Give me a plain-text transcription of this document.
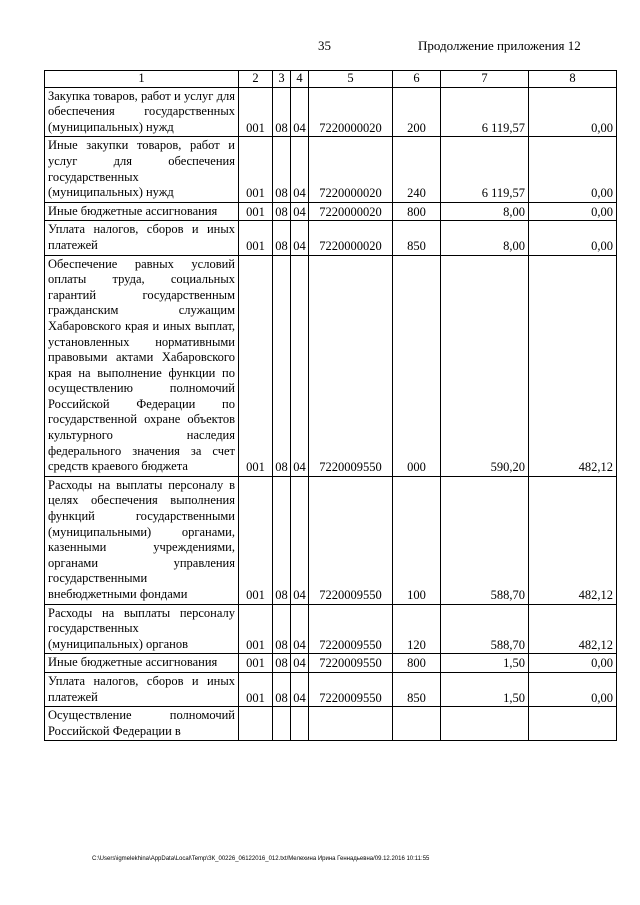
35	Продолжение приложения 12
1	2	3	4	5	6	7	8
Закупка товаров, работ и услуг для обеспечения государственных (муниципальных) нужд	001	08	04	7220000020	200	6 119,57	0,00
Иные закупки товаров, работ и услуг для обеспечения государственных (муниципальных) нужд	001	08	04	7220000020	240	6 119,57	0,00
Иные бюджетные ассигнования	001	08	04	7220000020	800	8,00	0,00
Уплата налогов, сборов и иных платежей	001	08	04	7220000020	850	8,00	0,00
Обеспечение равных условий оплаты труда, социальных гарантий государственным гражданским служащим Хабаровского края и иных выплат, установленных нормативными правовыми актами Хабаровского края на выполнение функции по осуществлению полномочий Российской Федерации по государственной охране объектов культурного наследия федерального значения за счет средств краевого бюджета	001	08	04	7220009550	000	590,20	482,12
Расходы на выплаты персоналу в целях обеспечения выполнения функций государственными (муниципальными) органами, казенными учреждениями, органами управления государственными внебюджетными фондами	001	08	04	7220009550	100	588,70	482,12
Расходы на выплаты персоналу государственных (муниципальных) органов	001	08	04	7220009550	120	588,70	482,12
Иные бюджетные ассигнования	001	08	04	7220009550	800	1,50	0,00
Уплата налогов, сборов и иных платежей	001	08	04	7220009550	850	1,50	0,00
Осуществление полномочий Российской Федерации в							
C:\Users\igmelekhina\AppData\Local\Temp\ЗК_00226_06122016_012.txt/Мелехина Ирина Геннадьевна/09.12.2016 10:11:55
